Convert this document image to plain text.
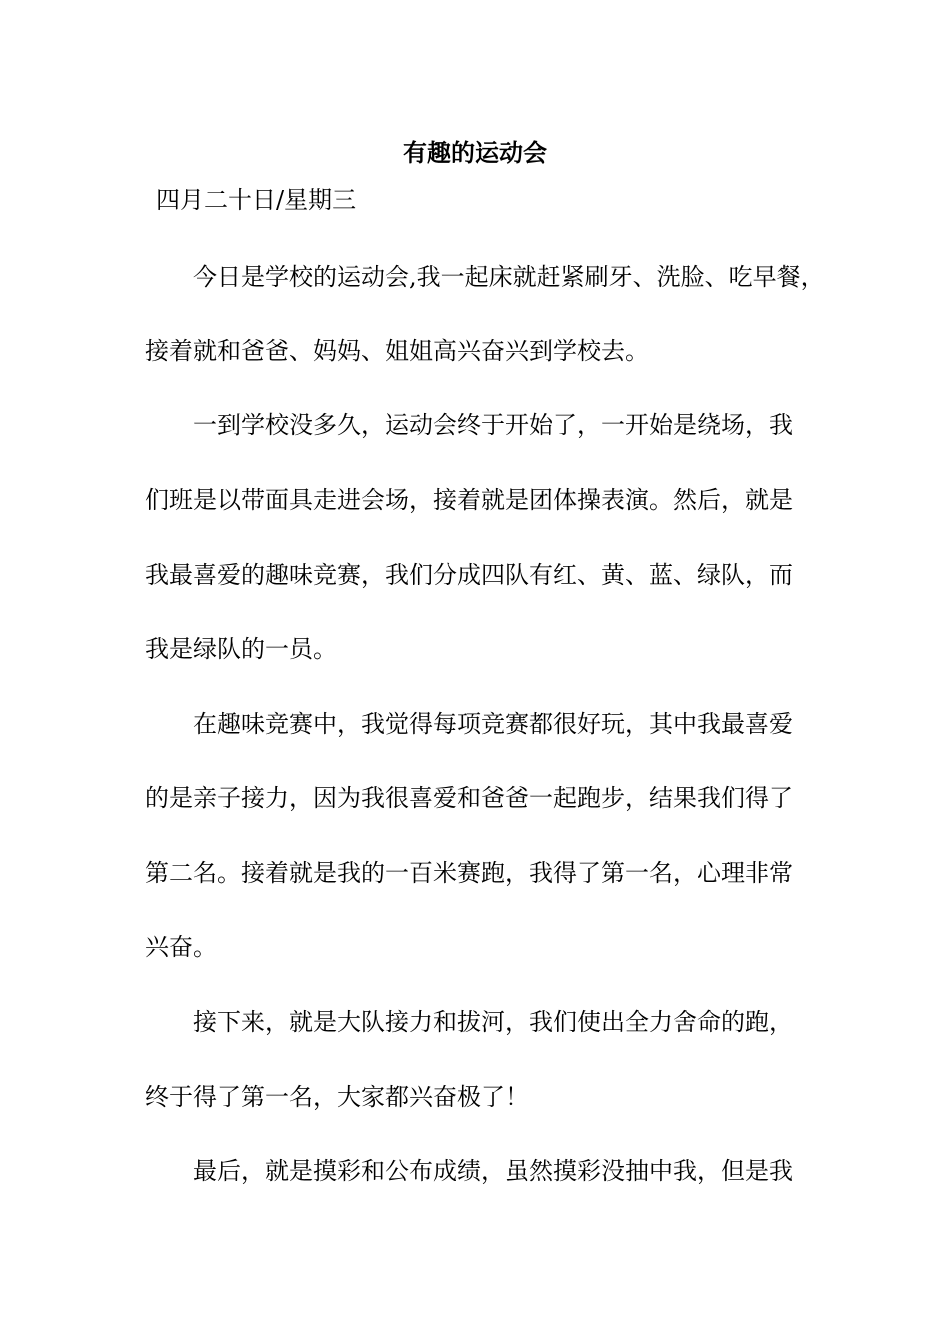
有趣的运动会
四月二十日/星期三

今日是学校的运动会,我一起床就赶紧刷牙、洗脸、吃早餐，

接着就和爸爸、妈妈、姐姐高兴奋兴到学校去。

一到学校没多久，运动会终于开始了，一开始是绕场，我

们班是以带面具走进会场，接着就是团体操表演。然后，就是

我最喜爱的趣味竞赛，我们分成四队有红、黄、蓝、绿队，而

我是绿队的一员。

在趣味竞赛中，我觉得每项竞赛都很好玩，其中我最喜爱

的是亲子接力，因为我很喜爱和爸爸一起跑步，结果我们得了

第二名。接着就是我的一百米赛跑，我得了第一名，心理非常

兴奋。

接下来，就是大队接力和拔河，我们使出全力舍命的跑，

终于得了第一名，大家都兴奋极了！

最后，就是摸彩和公布成绩，虽然摸彩没抽中我，但是我
